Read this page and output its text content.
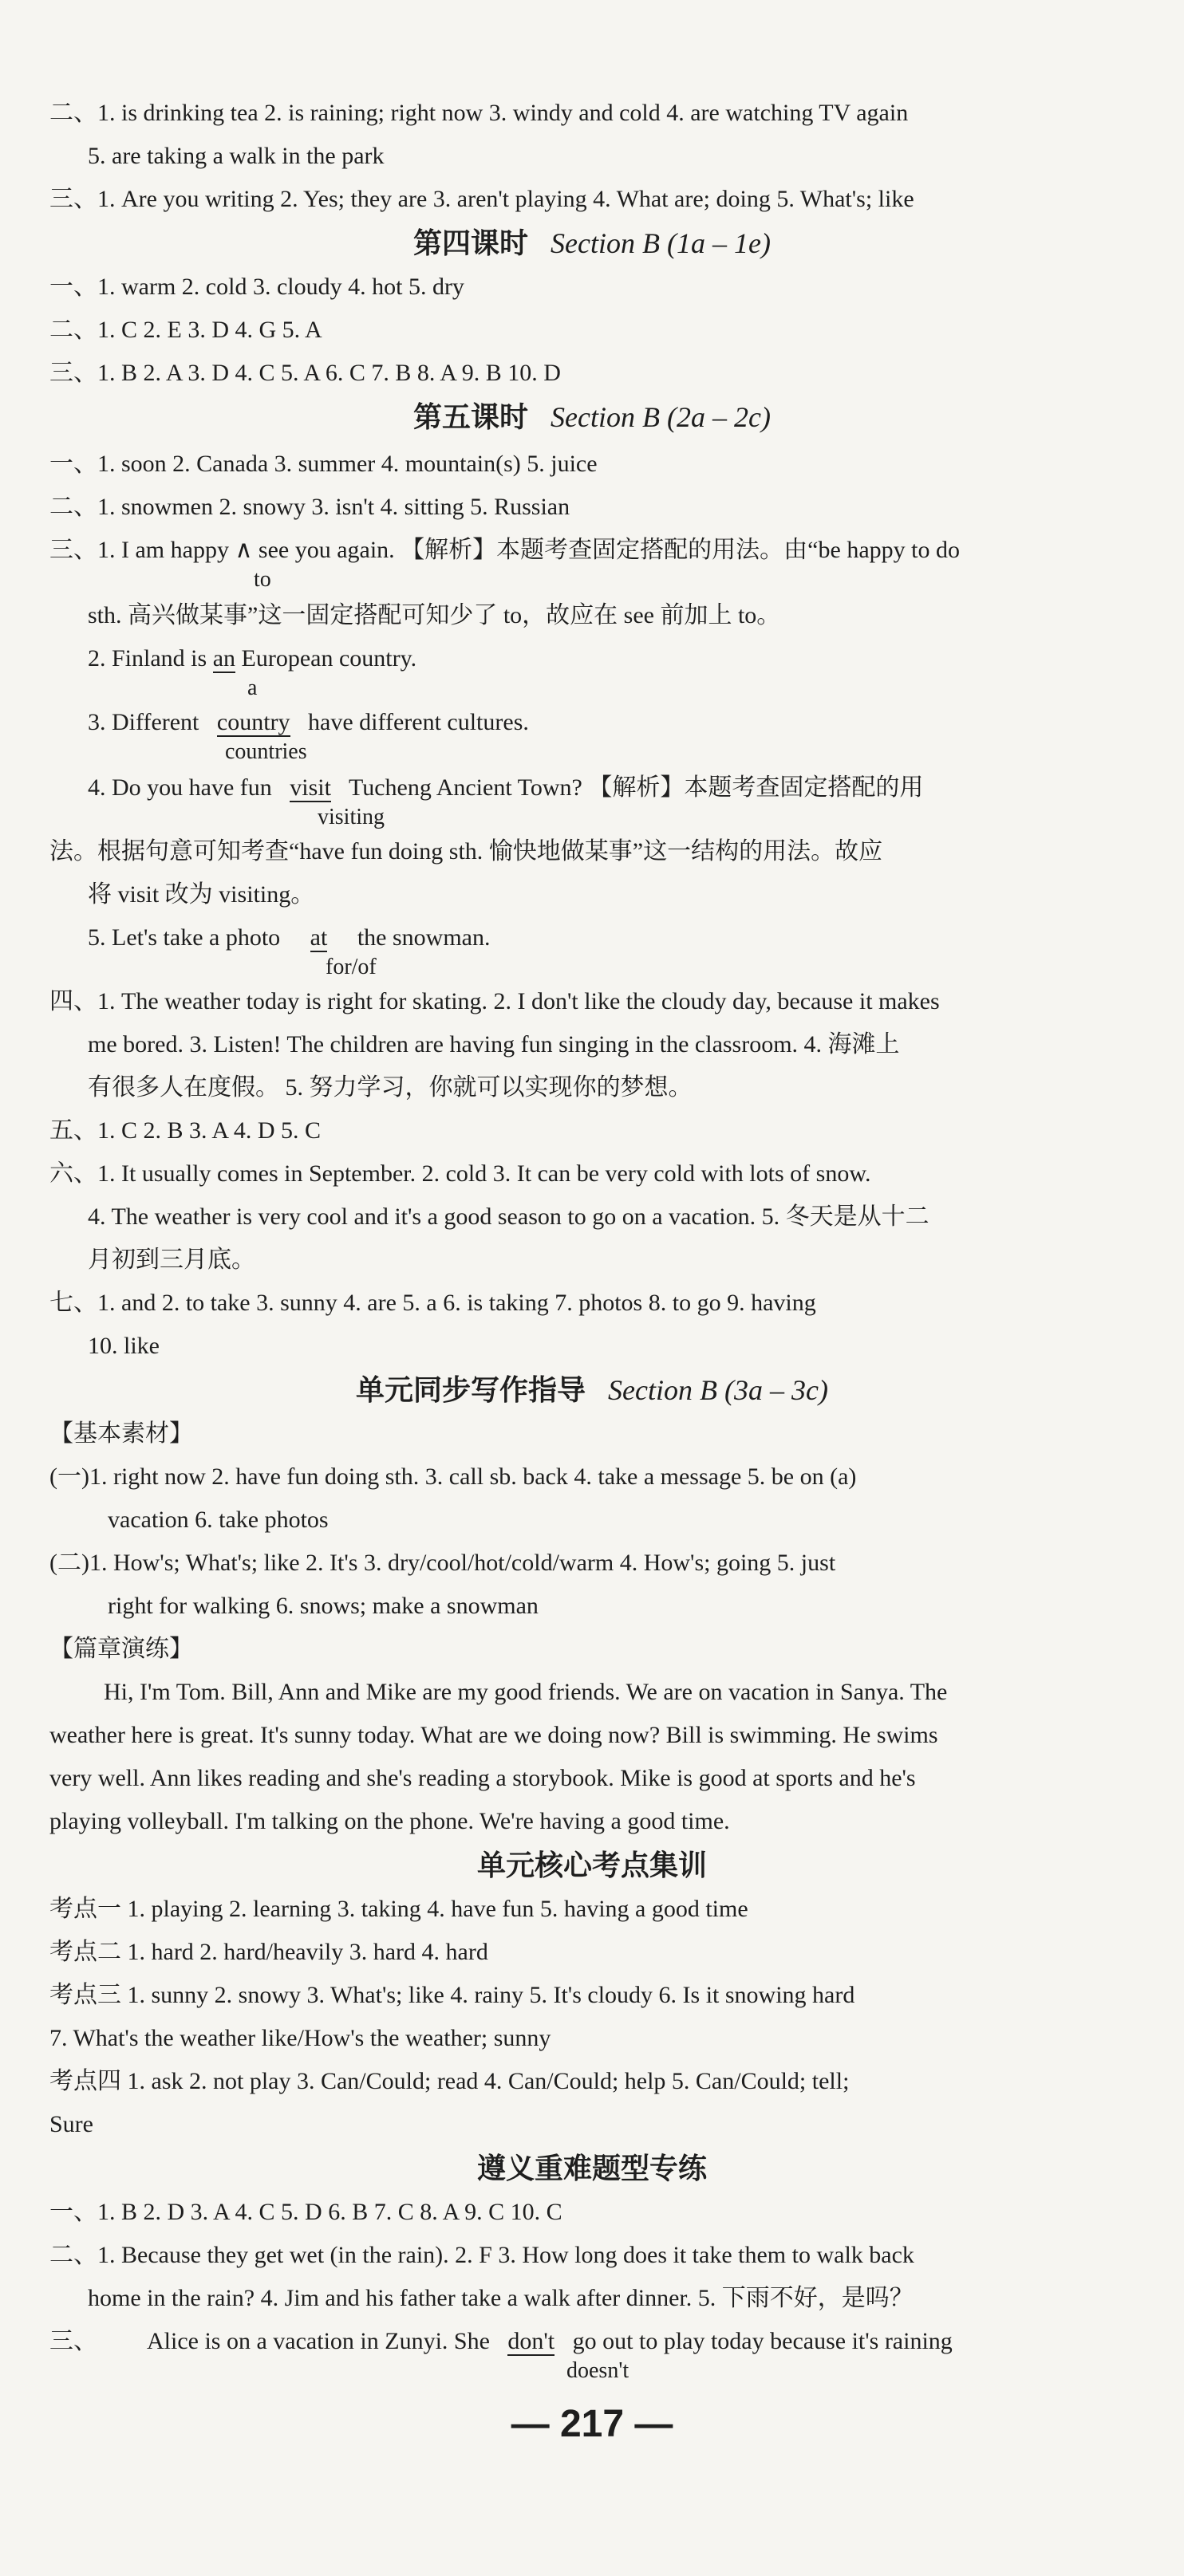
二、1. is drinking tea 2. is raining; right now 3. windy and cold 4. are watching TV again
5. are taking a walk in the park
三、1. Are you writing 2. Yes; they are 3. aren't playing 4. What are; doing 5. What's; like
第四课时 Section B (1a – 1e)
一、1. warm 2. cold 3. cloudy 4. hot 5. dry
二、1. C 2. E 3. D 4. G 5. A
三、1. B 2. A 3. D 4. C 5. A 6. C 7. B 8. A 9. B 10. D
第五课时 Section B (2a – 2c)
一、1. soon 2. Canada 3. summer 4. mountain(s) 5. juice
二、1. snowmen 2. snowy 3. isn't 4. sitting 5. Russian
三、1. I am happy ∧ see you again. 【解析】本题考查固定搭配的用法。由“be happy to do
to
sth. 高兴做某事”这一固定搭配可知少了 to，故应在 see 前加上 to。
2. Finland is an European country.
a
3. Different country have different cultures.
countries
4. Do you have fun visit Tucheng Ancient Town? 【解析】本题考查固定搭配的用
visiting
法。根据句意可知考查“have fun doing sth. 愉快地做某事”这一结构的用法。故应
将 visit 改为 visiting。
5. Let's take a photo at the snowman.
for/of
四、1. The weather today is right for skating. 2. I don't like the cloudy day, because it makes
me bored. 3. Listen! The children are having fun singing in the classroom. 4. 海滩上
有很多人在度假。 5. 努力学习，你就可以实现你的梦想。
五、1. C 2. B 3. A 4. D 5. C
六、1. It usually comes in September. 2. cold 3. It can be very cold with lots of snow.
4. The weather is very cool and it's a good season to go on a vacation. 5. 冬天是从十二
月初到三月底。
七、1. and 2. to take 3. sunny 4. are 5. a 6. is taking 7. photos 8. to go 9. having
10. like
单元同步写作指导 Section B (3a – 3c)
【基本素材】
(一)1. right now 2. have fun doing sth. 3. call sb. back 4. take a message 5. be on (a)
vacation 6. take photos
(二)1. How's; What's; like 2. It's 3. dry/cool/hot/cold/warm 4. How's; going 5. just
right for walking 6. snows; make a snowman
【篇章演练】
Hi, I'm Tom. Bill, Ann and Mike are my good friends. We are on vacation in Sanya. The
weather here is great. It's sunny today. What are we doing now? Bill is swimming. He swims
very well. Ann likes reading and she's reading a storybook. Mike is good at sports and he's
playing volleyball. I'm talking on the phone. We're having a good time.
单元核心考点集训
考点一 1. playing 2. learning 3. taking 4. have fun 5. having a good time
考点二 1. hard 2. hard/heavily 3. hard 4. hard
考点三 1. sunny 2. snowy 3. What's; like 4. rainy 5. It's cloudy 6. Is it snowing hard
7. What's the weather like/How's the weather; sunny
考点四 1. ask 2. not play 3. Can/Could; read 4. Can/Could; help 5. Can/Could; tell;
Sure
遵义重难题型专练
一、1. B 2. D 3. A 4. C 5. D 6. B 7. C 8. A 9. C 10. C
二、1. Because they get wet (in the rain). 2. F 3. How long does it take them to walk back
home in the rain? 4. Jim and his father take a walk after dinner. 5. 下雨不好，是吗？
三、 Alice is on a vacation in Zunyi. She don't go out to play today because it's raining
doesn't
— 217 —
